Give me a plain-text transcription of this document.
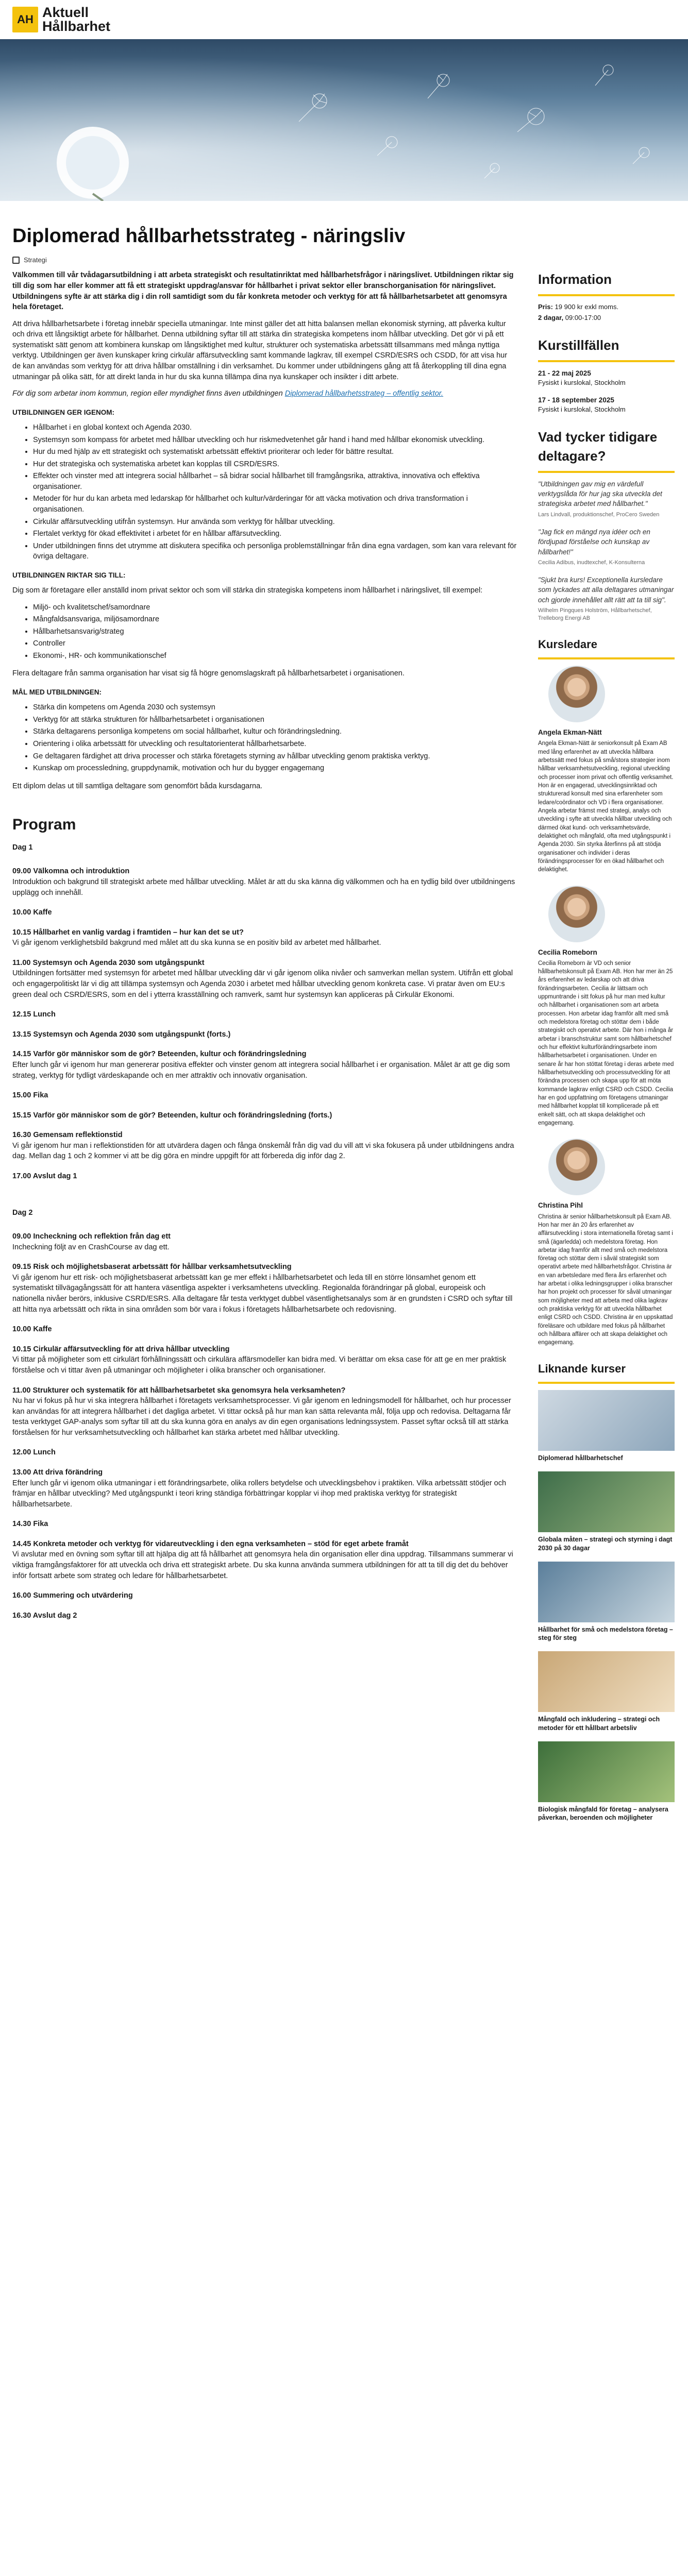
AH Aktuell
Hållbarhet
Diplomerad hållbarhetsstrateg - näringsliv
Strategi

Välkommen till vår tvådagarsutbildning i att arbeta strategiskt och resultatinriktat med hållbarhetsfrågor i näringslivet. Utbildningen riktar sig till dig som har eller kommer att få ett strategiskt uppdrag/ansvar för hållbarhet i privat sektor eller branschorganisation för näringslivet. Utbildningens syfte är att stärka dig i din roll samtidigt som du får konkreta metoder och verktyg för att få hållbarhetsarbetet att genomsyra hela företaget.

Att driva hållbarhetsarbete i företag innebär speciella utmaningar. Inte minst gäller det att hitta balansen mellan ekonomisk styrning, att påverka kultur och driva ett långsiktigt arbete för hållbarhet. Denna utbildning syftar till att stärka din strategiska kompetens inom hållbar utveckling. Det gör vi på ett systematiskt sätt genom att kombinera kunskap om långsiktighet med kultur, strukturer och systematiska arbetssätt tillsammans med många nyttiga verktyg. Utbildningen ger även kunskaper kring cirkulär affärsutveckling samt kommande lagkrav, till exempel CSRD/ESRS och CSDD, för att visa hur de kan användas som verktyg för att driva hållbar omställning i din verksamhet. Du kommer under utbildningens gång att få återkoppling till dina egna utmaningar på olika sätt, för att direkt landa in hur du ska kunna tillämpa dina nya kunskaper och insikter i ditt arbete.

För dig som arbetar inom kommun, region eller myndighet finns även utbildningen Diplomerad hållbarhetsstrateg – offentlig sektor.

UTBILDNINGEN GER IGENOM:
• Hållbarhet i en global kontext och Agenda 2030.
• Systemsyn som kompass för arbetet med hållbar utveckling och hur riskmedvetenhet går hand i hand med hållbar ekonomisk utveckling.
• Hur du med hjälp av ett strategiskt och systematiskt arbetssätt effektivt prioriterar och leder för bättre resultat.
• Hur det strategiska och systematiska arbetet kan kopplas till CSRD/ESRS.
• Effekter och vinster med att integrera social hållbarhet – så bidrar social hållbarhet till framgångsrika, attraktiva, innovativa och effektiva organisationer.
• Metoder för hur du kan arbeta med ledarskap för hållbarhet och kultur/värderingar för att väcka motivation och driva transformation i organisationen.
• Cirkulär affärsutveckling utifrån systemsyn. Hur använda som verktyg för hållbar utveckling.
• Flertalet verktyg för ökad effektivitet i arbetet för en hållbar affärsutveckling.
• Under utbildningen finns det utrymme att diskutera specifika och personliga problemställningar från dina egna vardagen, som kan vara relevant för övriga deltagare.
UTBILDNINGEN RIKTAR SIG TILL:

Dig som är företagare eller anställd inom privat sektor och som vill stärka din strategiska kompetens inom hållbarhet i näringslivet, till exempel:

• Miljö- och kvalitetschef/samordnare
• Mångfaldsansvariga, miljösamordnare
• Hållbarhetsansvarig/strateg
• Controller
• Ekonomi-, HR- och kommunikationschef

Flera deltagare från samma organisation har visat sig få högre genomslagskraft på hållbarhetsarbetet i organisationen.

MÅL MED UTBILDNINGEN:
• Stärka din kompetens om Agenda 2030 och systemsyn
• Verktyg för att stärka strukturen för hållbarhetsarbetet i organisationen
• Stärka deltagarens personliga kompetens om social hållbarhet, kultur och förändringsledning.
• Orientering i olika arbetssätt för utveckling och resultatorienterat hållbarhetsarbete.
• Ge deltagaren färdighet att driva processer och stärka företagets styrning av hållbar utveckling genom praktiska verktyg.
• Kunskap om processledning, gruppdynamik, motivation och hur du bygger engagemang

Ett diplom delas ut till samtliga deltagare som genomfört båda kursdagarna.

Program
Dag 1
09.00 Välkomna och introduktion
Introduktion och bakgrund till strategiskt arbete med hållbar utveckling. Målet är att du ska känna dig välkommen och ha en tydlig bild över utbildningens upplägg och innehåll.
10.00 Kaffe
10.15 Hållbarhet en vanlig vardag i framtiden – hur kan det se ut?
Vi går igenom verklighetsbild bakgrund med målet att du ska kunna se en positiv bild av arbetet med hållbarhet.
11.00 Systemsyn och Agenda 2030 som utgångspunkt
Utbildningen fortsätter med systemsyn för arbetet med hållbar utveckling där vi går igenom olika nivåer och samverkan mellan system. Utifrån ett global och engagerpolitiskt lär vi dig att tillämpa systemsyn och Agenda 2030 i arbetet med hållbar utveckling genom konkreta case. Vi pratar även om EU:s green deal och CSRD/ESRS, som en del i ytterra krasställning och ramverk, samt hur systemsyn kan appliceras på Cirkulär Ekonomi.
12.15 Lunch
13.15 Systemsyn och Agenda 2030 som utgångspunkt (forts.)
14.15 Varför gör människor som de gör? Beteenden, kultur och förändringsledning
Efter lunch går vi igenom hur man genererar positiva effekter och vinster genom att integrera social hållbarhet i er organisation. Målet är att ge dig som strateg, verktyg för tydligt värdeskapande och en mer attraktiv och innovativ organisation.
15.00 Fika
15.15 Varför gör människor som de gör? Beteenden, kultur och förändringsledning (forts.)
16.30 Gemensam reflektionstid
Vi går igenom hur man i reflektionstiden för att utvärdera dagen och fånga önskemål från dig vad du vill att vi ska fokusera på under utbildningens andra dag. Mellan dag 1 och 2 kommer vi att be dig göra en mindre uppgift för att förbereda dig inför dag 2.
17.00 Avslut dag 1
Dag 2
09.00 Incheckning och reflektion från dag ett
Incheckning följt av en CrashCourse av dag ett.
09.15 Risk och möjlighetsbaserat arbetssätt för hållbar verksamhetsutveckling
Vi går igenom hur ett risk- och möjlighetsbaserat arbetssätt kan ge mer effekt i hållbarhetsarbetet och leda till en större lönsamhet genom ett systematiskt tillvägagångssätt för att hantera väsentliga aspekter i verksamhetens utveckling. Regionalda förändringar på global, europeisk och nationella nivåer berörs, inklusive CSRD/ESRS. Alla deltagare får testa verktyget dubbel väsentlighetsanalys som är en grundsten i CSRD och syftar till att hitta nya arbetssätt och rikta in sina områden som bör vara i fokus i företagets hållbarhetsarbete och redovisning.
10.00 Kaffe
10.15 Cirkulär affärsutveckling för att driva hållbar utveckling
Vi tittar på möjligheter som ett cirkulärt förhållningssätt och cirkulära affärsmodeller kan bidra med. Vi berättar om eksa case för att ge en mer praktisk förståelse och vi tittar även på utmaningar och möjligheter i olika branscher och organisationer.
11.00 Strukturer och systematik för att hållbarhetsarbetet ska genomsyra hela verksamheten?
Nu har vi fokus på hur vi ska integrera hållbarhet i företagets verksamhetsprocesser. Vi går igenom en ledningsmodell för hållbarhet, och hur processer kan användas för att integrera hållbarhet i det dagliga arbetet. Vi tittar också på hur man kan sätta relevanta mål, följa upp och redovisa. Deltagarna får testa verktyget GAP-analys som syftar till att du ska kunna göra en analys av din egen organisations ledningssystem. Passet syftar också till att stärka förståelsen för hur verksamhetsutveckling och hållbarhet kan stärka arbetet med hållbar utveckling.
12.00 Lunch
13.00 Att driva förändring
Efter lunch går vi igenom olika utmaningar i ett förändringsarbete, olika rollers betydelse och utvecklingsbehov i praktiken. Vilka arbetssätt stödjer och främjar en hållbar utveckling? Med utgångspunkt i teori kring ständiga förbättringar kopplar vi ihop med praktiska verktyg för strategiskt hållbarhetsarbete.
14.30 Fika
14.45 Konkreta metoder och verktyg för vidareutveckling i den egna verksamheten – stöd för eget arbete framåt
Vi avslutar med en övning som syftar till att hjälpa dig att få hållbarhet att genomsyra hela din organisation eller dina uppdrag. Tillsammans summerar vi viktiga framgångsfaktorer för att utveckla och driva ett strategiskt arbete. Du ska kunna använda summera utbildningen för att ta till dig det du behöver inför fortsatt arbete som strateg och ledare för hållbarhetsarbetet.
16.00 Summering och utvärdering
16.30 Avslut dag 2
Information
Pris: 19 900 kr exkl moms.
2 dagar, 09:00-17:00
Kurstillfällen
21 - 22 maj 2025
Fysiskt i kurslokal, Stockholm
17 - 18 september 2025
Fysiskt i kurslokal, Stockholm
Vad tycker tidigare deltagare?
"Utbildningen gav mig en värdefull verktygslåda för hur jag ska utveckla det strategiska arbetet med hållbarhet."
Lars Lindvall, produktionschef, ProCero Sweden
"Jag fick en mängd nya idéer och en fördjupad förståelse och kunskap av hållbarhet!"
Cecilia Adibus, inudtexchef, K-Konsulterna
"Sjukt bra kurs! Exceptionella kursledare som lyckades att alla deltagares utmaningar och gjorde innehållet allt rätt att ta till sig".
Wilhelm Pingques Holström, Hållbarhetschef, Trelleborg Energi AB
Kursledare
Angela Ekman-Nätt
Angela Ekman-Nätt är seniorkonsult på Exam AB med lång erfarenhet av att utveckla hållbara arbetssätt med fokus på små/stora strategier inom hållbar verksamhetsutveckling, regional utveckling och processer inom privat och offentlig verksamhet. Hon är en engagerad, utvecklingsinriktad och strukturerad konsult med sina erfarenheter som ledare/coördinator och VD i flera organisationer. Angela arbetar främst med strategi, analys och utveckling i syfte att utveckla hållbar utveckling och därmed ökat kund- och verksamhetsvärde, delaktighet och mångfald, ofta med utgångspunkt i Agenda 2030. Sin styrka återfinns på att stödja organisationer och individer i deras förändringsprocesser för en ökad hållbarhet och delaktighet.
Cecilia Romeborn
Cecilia Romeborn är VD och senior hållbarhetskonsult på Exam AB. Hon har mer än 25 års erfarenhet av ledarskap och att driva förändringsarbeten. Cecilia är lättsam och uppmuntrande i sitt fokus på hur man med kultur och hållbarhet i organisationen som art arbeta processen. Hon arbetar idag framför allt med små och medelstora företag och stöttar dem i både strategiskt och operativt arbete. Där hon i många år arbetar i branschstruktur samt som hållbarhetschef och hur effektivt kulturförändringsarbete inom hållbarhetsarbetet i organisationen. Under en senare år har hon stöttat företag i deras arbete med hållbarhetsutveckling och processutveckling för att förändra processen och skapa upp för att möta kommande lagkrav enligt CSRD och CSDD. Cecilia har en god uppfattning om företagens utmaningar med hållbarhet kopplat till komplicerade på ett enkelt sätt, och att skapa delaktighet och engagemang.
Christina Pihl
Christina är senior hållbarhetskonsult på Exam AB. Hon har mer än 20 års erfarenhet av affärsutveckling i stora internationella företag samt i små (ägarledda) och medelstora företag. Hon arbetar idag framför allt med små och medelstora företag och stöttar dem i såväl strategiskt som operativt arbete med hållbarhetsfrågor. Christina är en van arbetsledare med flera års erfarenhet och har arbetat i olika ledningsgrupper i olika branscher har hon projekt och processer för såväl utmaningar som möjligheter med att arbeta med olika lagkrav och praktiska verktyg för att utveckla hållbarhet enligt CSRD och CSDD. Christina är en uppskattad föreläsare och utbildare med fokus på hållbarhet och hållbara affärer och att skapa delaktighet och engagemang.
Liknande kurser
Diplomerad hållbarhetschef
Globala måten – strategi och styrning i dagt 2030 på 30 dagar
Hållbarhet för små och medelstora företag – steg för steg
Mångfald och inkludering – strategi och metoder för ett hållbart arbetsliv
Biologisk mångfald för företag – analysera påverkan, beroenden och möjligheter
